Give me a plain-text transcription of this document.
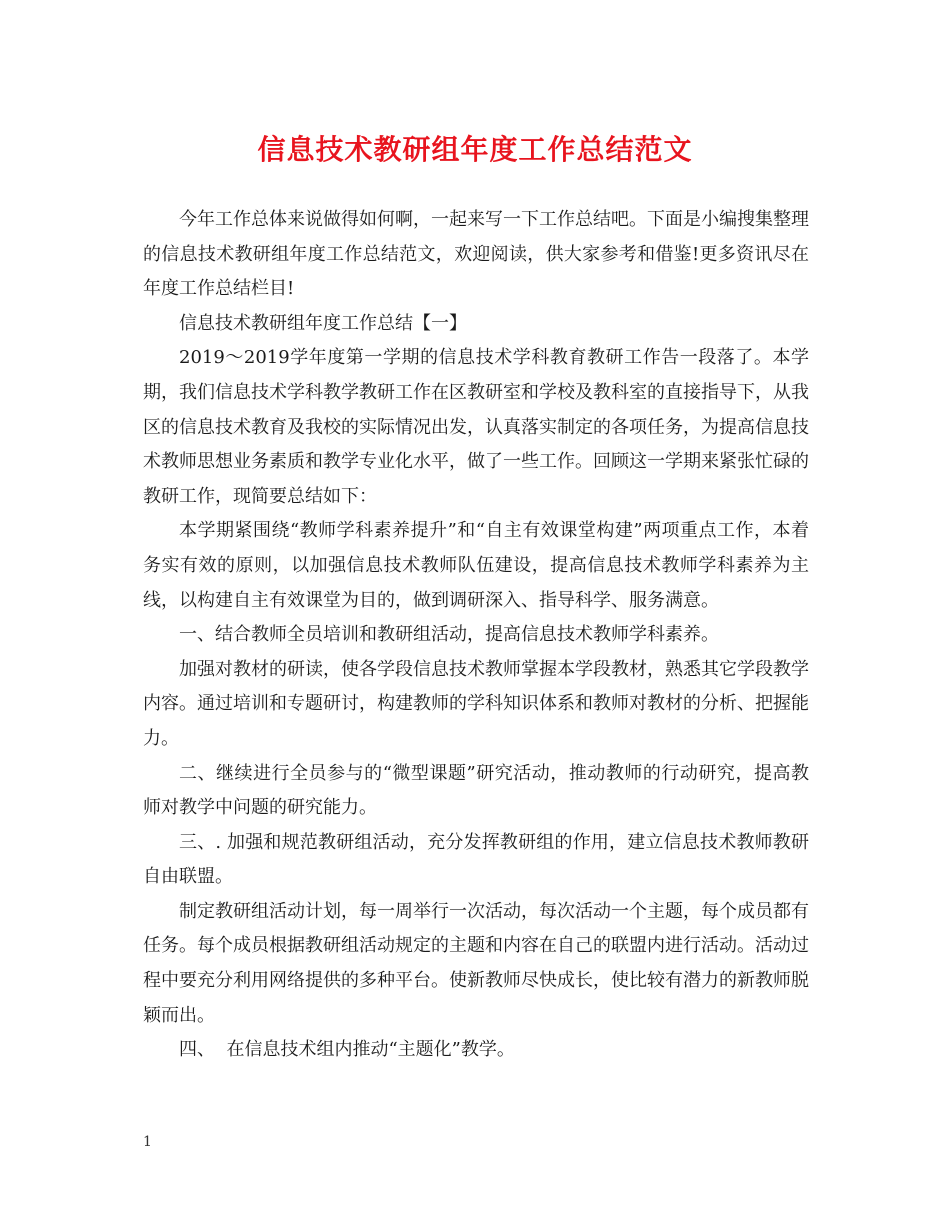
信息技术教研组年度工作总结范文

今年工作总体来说做得如何啊，一起来写一下工作总结吧。下面是小编搜集整理的信息技术教研组年度工作总结范文，欢迎阅读，供大家参考和借鉴!更多资讯尽在年度工作总结栏目!

信息技术教研组年度工作总结【一】

2019～2019学年度第一学期的信息技术学科教育教研工作告一段落了。本学期，我们信息技术学科教学教研工作在区教研室和学校及教科室的直接指导下，从我区的信息技术教育及我校的实际情况出发，认真落实制定的各项任务，为提高信息技术教师思想业务素质和教学专业化水平，做了一些工作。回顾这一学期来紧张忙碌的教研工作，现简要总结如下：

本学期紧围绕“教师学科素养提升”和“自主有效课堂构建”两项重点工作，本着务实有效的原则，以加强信息技术教师队伍建设，提高信息技术教师学科素养为主线，以构建自主有效课堂为目的，做到调研深入、指导科学、服务满意。

一、结合教师全员培训和教研组活动，提高信息技术教师学科素养。

加强对教材的研读，使各学段信息技术教师掌握本学段教材，熟悉其它学段教学内容。通过培训和专题研讨，构建教师的学科知识体系和教师对教材的分析、把握能力。

二、继续进行全员参与的“微型课题”研究活动，推动教师的行动研究，提高教师对教学中问题的研究能力。

三、. 加强和规范教研组活动，充分发挥教研组的作用，建立信息技术教师教研自由联盟。

制定教研组活动计划，每一周举行一次活动，每次活动一个主题，每个成员都有任务。每个成员根据教研组活动规定的主题和内容在自己的联盟内进行活动。活动过程中要充分利用网络提供的多种平台。使新教师尽快成长，使比较有潜力的新教师脱颖而出。

四、  在信息技术组内推动“主题化”教学。

1
